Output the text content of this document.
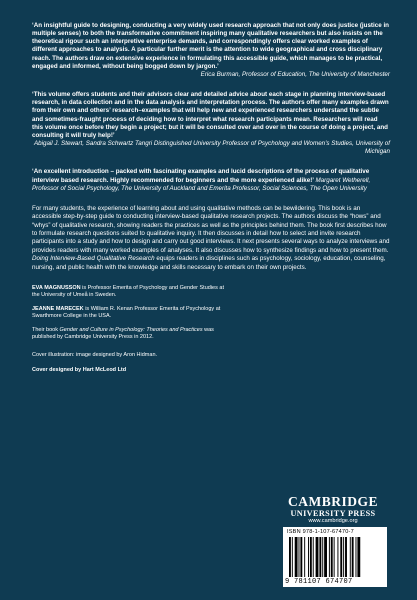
‘An insightful guide to designing, conducting a very widely used research approach that not only does justice (justice in multiple senses) to both the transformative commitment inspiring many qualitative researchers but also insists on the theoretical rigour such an interpretive enterprise demands, and correspondingly offers clear worked examples of different approaches to analysis. A particular further merit is the attention to wide geographical and cross disciplinary reach. The authors draw on extensive experience in formulating this accessible guide, which manages to be practical, engaged and informed, without being bogged down by jargon.’

Erica Burman, Professor of Education, The University of Manchester

‘This volume offers students and their advisors clear and detailed advice about each stage in planning interview-based research, in data collection and in the data analysis and interpretation process. The authors offer many examples drawn from their own and others’ research–examples that will help new and experienced researchers understand the subtle and sometimes-fraught process of deciding how to interpret what research participants mean. Researchers will read this volume once before they begin a project; but it will be consulted over and over in the course of doing a project, and consulting it will truly help!’

Abigail J. Stewart, Sandra Schwartz Tangri Distinguished University Professor of Psychology and Women’s Studies, University of Michigan

‘An excellent introduction – packed with fascinating examples and lucid descriptions of the process of qualitative interview based research. Highly recommended for beginners and the more experienced alike!’ Margaret Wetherell, Professor of Social Psychology, The University of Auckland and Emerita Professor, Social Sciences, The Open University

For many students, the experience of learning about and using qualitative methods can be bewildering. This book is an accessible step-by-step guide to conducting interview-based qualitative research projects. The authors discuss the “hows” and “whys” of qualitative research, showing readers the practices as well as the principles behind them. The book first describes how to formulate research questions suited to qualitative inquiry. It then discusses in detail how to select and invite research participants into a study and how to design and carry out good interviews. It next presents several ways to analyze interviews and provides readers with many worked examples of analyses. It also discusses how to synthesize findings and how to present them. Doing Interview-Based Qualitative Research equips readers in disciplines such as psychology, sociology, education, counseling, nursing, and public health with the knowledge and skills necessary to embark on their own projects.

EVA MAGNUSSON is Professor Emerita of Psychology and Gender Studies at the University of Umeå in Sweden.

JEANNE MARECEK is William R. Kenan Professor Emerita of Psychology at Swarthmore College in the USA.

Their book Gender and Culture in Psychology: Theories and Practices was published by Cambridge University Press in 2012.

Cover illustration: image designed by Aron Hidman.

Cover designed by Hart McLeod Ltd

CAMBRIDGE
UNIVERSITY PRESS
www.cambridge.org
ISBN 978-1-107-67470-7
9 781107 674707
